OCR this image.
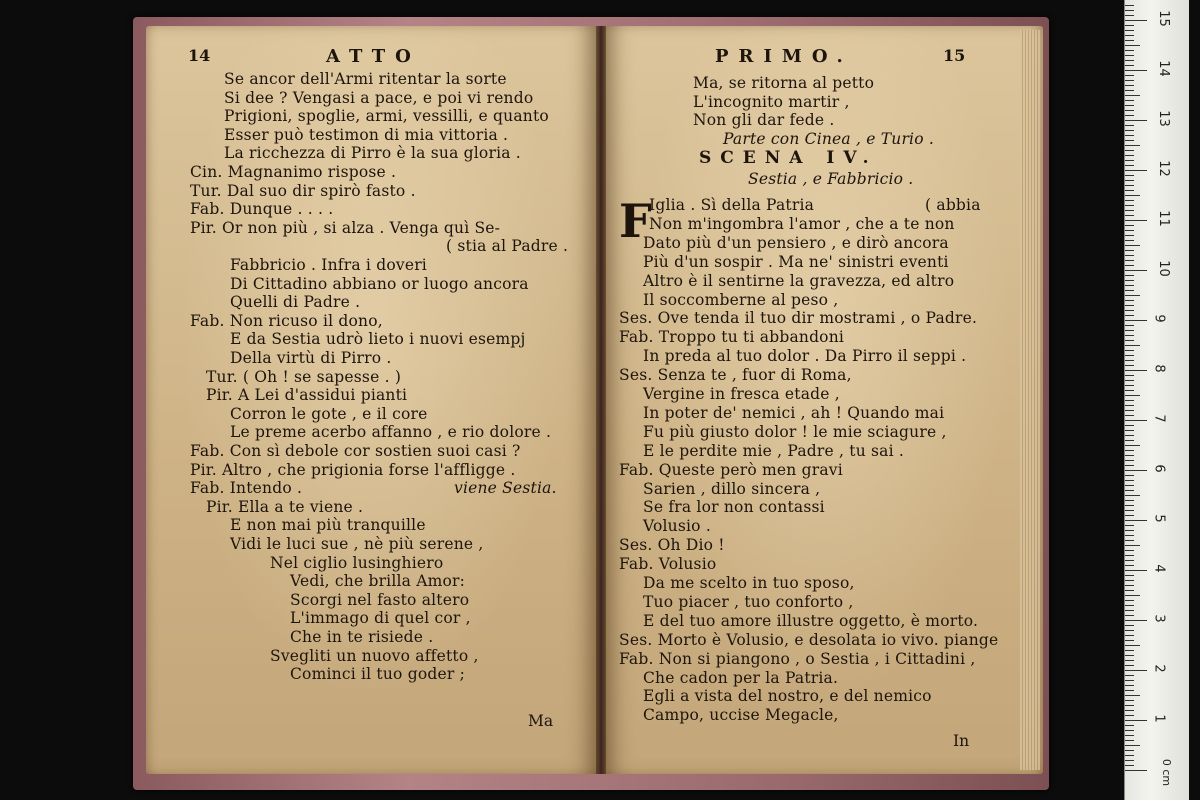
14	ATTO
Se ancor dell'Armi ritentar la sorte
Si dee ? Vengasi a pace, e poi vi rendo
Prigioni, spoglie, armi, vessilli, e quanto
Esser può testimon di mia vittoria .
La ricchezza di Pirro è la sua gloria .
Cin. Magnanimo rispose .
Tur. Dal suo dir spirò fasto .
Fab. Dunque . . . .
Pir. Or non più , si alza . Venga quì Se-
( stia al Padre .
Fabbricio . Infra i doveri
Di Cittadino abbiano or luogo ancora
Quelli di Padre .
Fab. Non ricuso il dono,
E da Sestia udrò lieto i nuovi esempj
Della virtù di Pirro .
Tur. ( Oh ! se sapesse . )
Pir. A Lei d'assidui pianti
Corron le gote , e il core
Le preme acerbo affanno , e rio dolore .
Fab. Con sì debole cor sostien suoi casi ?
Pir. Altro , che prigionia forse l'affligge .
Fab. Intendo .	viene Sestia.
Pir. Ella a te viene .
E non mai più tranquille
Vidi le luci sue , nè più serene ,
Nel ciglio lusinghiero
Vedi, che brilla Amor:
Scorgi nel fasto altero
L'immago di quel cor ,
Che in te risiede .
Svegliti un nuovo affetto ,
Cominci il tuo goder ;
Ma
PRIMO.	15
Ma, se ritorna al petto
L'incognito martir ,
Non gli dar fede .
Parte con Cinea , e Turio .
SCENA IV.
Sestia , e Fabbricio .
F
Iglia . Sì della Patria	( abbia
Non m'ingombra l'amor , che a te non
Dato più d'un pensiero , e dirò ancora
Più d'un sospir . Ma ne' sinistri eventi
Altro è il sentirne la gravezza, ed altro
Il soccomberne al peso ,
Ses. Ove tenda il tuo dir mostrami , o Padre.
Fab. Troppo tu ti abbandoni
In preda al tuo dolor . Da Pirro il seppi .
Ses. Senza te , fuor di Roma,
Vergine in fresca etade ,
In poter de' nemici , ah ! Quando mai
Fu più giusto dolor ! le mie sciagure ,
E le perdite mie , Padre , tu sai .
Fab. Queste però men gravi
Sarien , dillo sincera ,
Se fra lor non contassi
Volusio .
Ses. Oh Dio !
Fab. Volusio
Da me scelto in tuo sposo,
Tuo piacer , tuo conforto ,
E del tuo amore illustre oggetto, è morto.
Ses. Morto è Volusio, e desolata io vivo. piange
Fab. Non si piangono , o Sestia , i Cittadini ,
Che cadon per la Patria.
Egli a vista del nostro, e del nemico
Campo, uccise Megacle,
In
0 cm
1
2
3
4
5
6
7
8
9
10
11
12
13
14
15
